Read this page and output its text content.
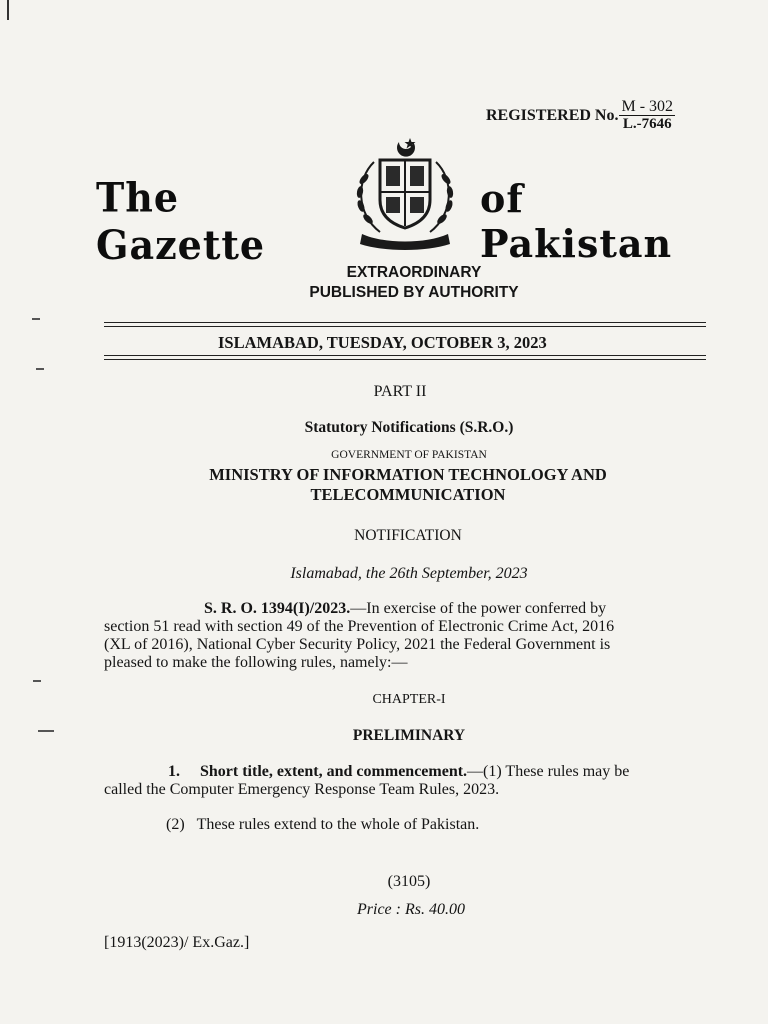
REGISTERED No. $\frac{M - 302}{L.-7646}$
The Gazette
of Pakistan
EXTRAORDINARY
PUBLISHED BY AUTHORITY
ISLAMABAD, TUESDAY, OCTOBER 3, 2023
PART II
Statutory Notifications (S.R.O.)
GOVERNMENT OF PAKISTAN
MINISTRY OF INFORMATION TECHNOLOGY AND
TELECOMMUNICATION
NOTIFICATION
Islamabad, the 26th September, 2023
S. R. O. 1394(I)/2023.—In exercise of the power conferred by
section 51 read with section 49 of the Prevention of Electronic Crime Act, 2016
(XL of 2016), National Cyber Security Policy, 2021 the Federal Government is
pleased to make the following rules, namely:—
CHAPTER-I
PRELIMINARY
1. Short title, extent, and commencement.—(1) These rules may be
called the Computer Emergency Response Team Rules, 2023.
(2) These rules extend to the whole of Pakistan.
(3105)
Price : Rs. 40.00
[1913(2023)/ Ex.Gaz.]
